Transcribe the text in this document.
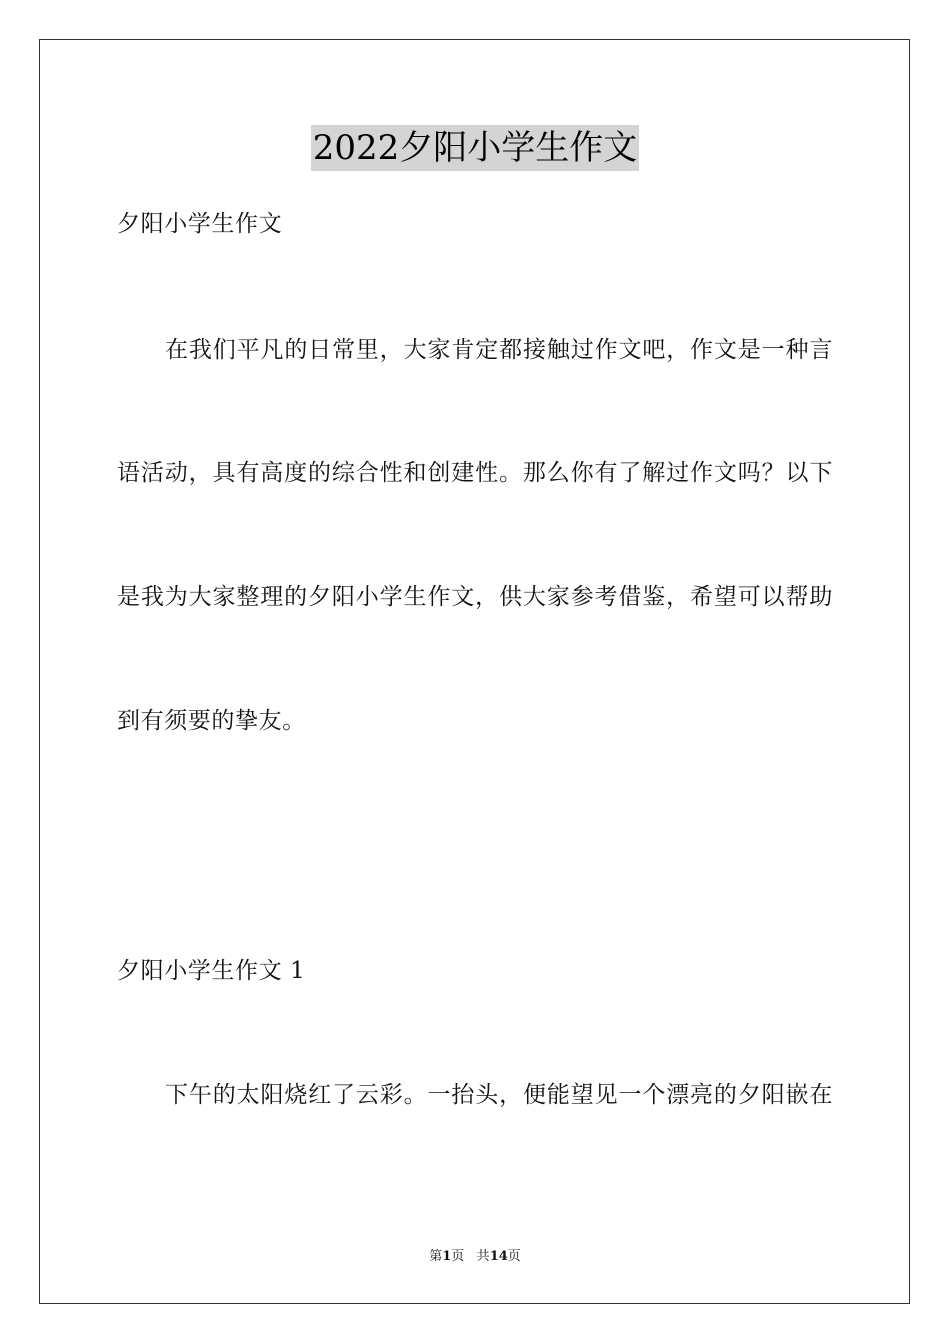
2022夕阳小学生作文
夕阳小学生作文
在我们平凡的日常里，大家肯定都接触过作文吧，作文是一种言
语活动，具有高度的综合性和创建性。那么你有了解过作文吗？以下
是我为大家整理的夕阳小学生作文，供大家参考借鉴，希望可以帮助
到有须要的挚友。
夕阳小学生作文 1
下午的太阳烧红了云彩。一抬头，便能望见一个漂亮的夕阳嵌在
第1页 共14页
